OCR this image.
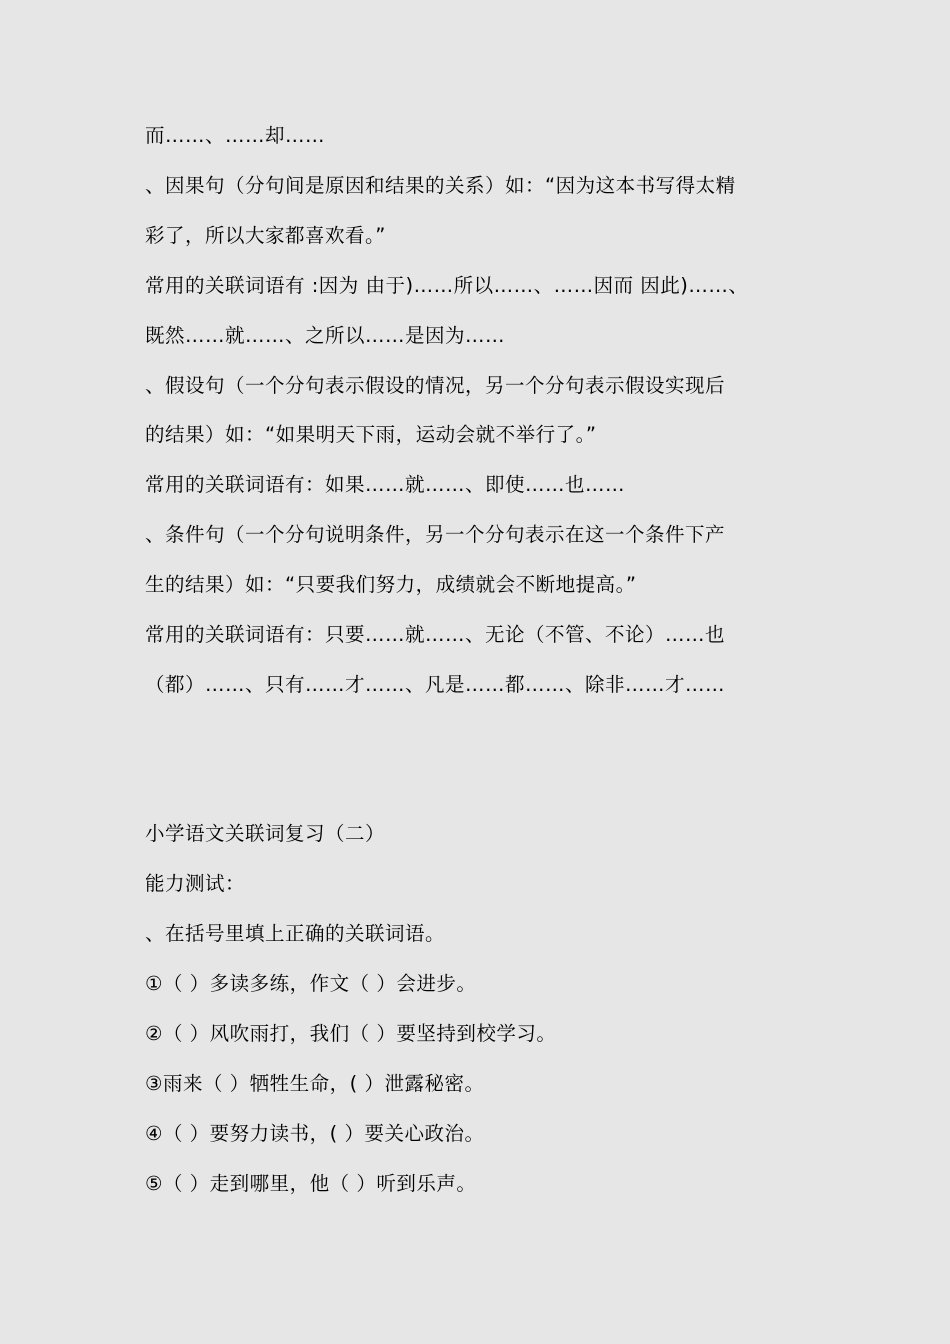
而……、……却……
、因果句（分句间是原因和结果的关系）如：“因为这本书写得太精
彩了，所以大家都喜欢看。”
常用的关联词语有 :因为 由于)……所以……、……因而 因此)……、
既然……就……、之所以……是因为……
、假设句（一个分句表示假设的情况，另一个分句表示假设实现后
的结果）如：“如果明天下雨，运动会就不举行了。”
常用的关联词语有：如果……就……、即使……也……
、条件句（一个分句说明条件，另一个分句表示在这一个条件下产
生的结果）如：“只要我们努力，成绩就会不断地提高。”
常用的关联词语有：只要……就……、无论（不管、不论）……也
（都）……、只有……才……、凡是……都……、除非……才……
小学语文关联词复习（二）
能力测试：
、在括号里填上正确的关联词语。
①（ ）多读多练，作文（ ）会进步。
②（ ）风吹雨打，我们（ ）要坚持到校学习。
③雨来（ ）牺牲生命，( ）泄露秘密。
④（ ）要努力读书，( ）要关心政治。
⑤（ ）走到哪里，他（ ）听到乐声。
